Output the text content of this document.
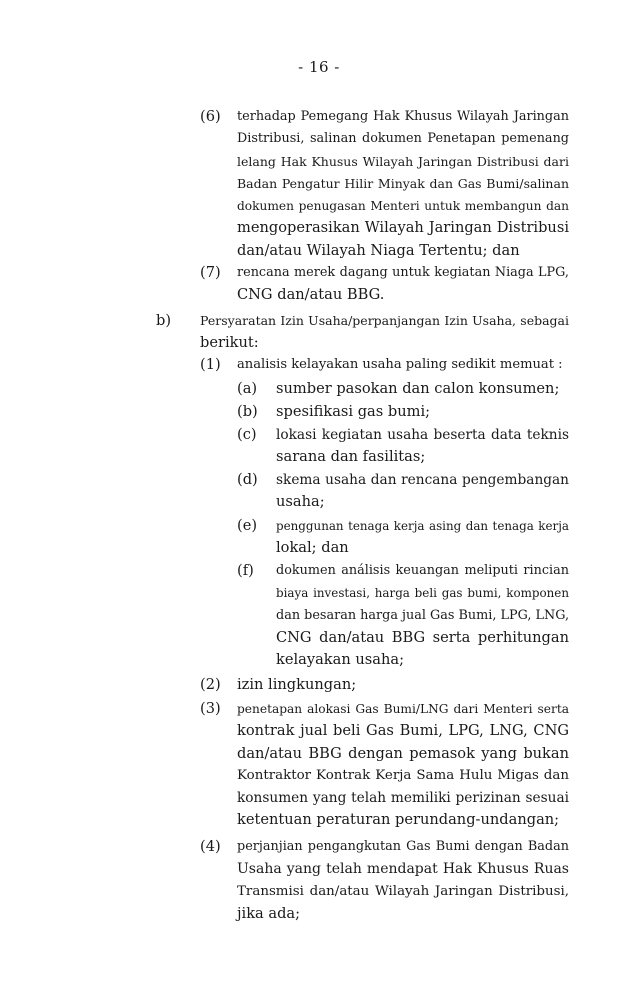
- 16 -
(6) terhadap Pemegang Hak Khusus Wilayah Jaringan
Distribusi, salinan dokumen Penetapan pemenang
lelang Hak Khusus Wilayah Jaringan Distribusi dari
Badan Pengatur Hilir Minyak dan Gas Bumi/salinan
dokumen penugasan Menteri untuk membangun dan
mengoperasikan Wilayah Jaringan Distribusi
dan/atau Wilayah Niaga Tertentu; dan
(7) rencana merek dagang untuk kegiatan Niaga LPG,
CNG dan/atau BBG.
b) Persyaratan Izin Usaha/perpanjangan Izin Usaha, sebagai
berikut:
(1) analisis kelayakan usaha paling sedikit memuat :
(a) sumber pasokan dan calon konsumen;
(b) spesifikasi gas bumi;
(c) lokasi kegiatan usaha beserta data teknis
sarana dan fasilitas;
(d) skema usaha dan rencana pengembangan
usaha;
(e) penggunan tenaga kerja asing dan tenaga kerja
lokal; dan
(f) dokumen análisis keuangan meliputi rincian
biaya investasi, harga beli gas bumi, komponen
dan besaran harga jual Gas Bumi, LPG, LNG,
CNG dan/atau BBG serta perhitungan
kelayakan usaha;
(2) izin lingkungan;
(3) penetapan alokasi Gas Bumi/LNG dari Menteri serta
kontrak jual beli Gas Bumi, LPG, LNG, CNG
dan/atau BBG dengan pemasok yang bukan
Kontraktor Kontrak Kerja Sama Hulu Migas dan
konsumen yang telah memiliki perizinan sesuai
ketentuan peraturan perundang-undangan;
(4) perjanjian pengangkutan Gas Bumi dengan Badan
Usaha yang telah mendapat Hak Khusus Ruas
Transmisi dan/atau Wilayah Jaringan Distribusi,
jika ada;
